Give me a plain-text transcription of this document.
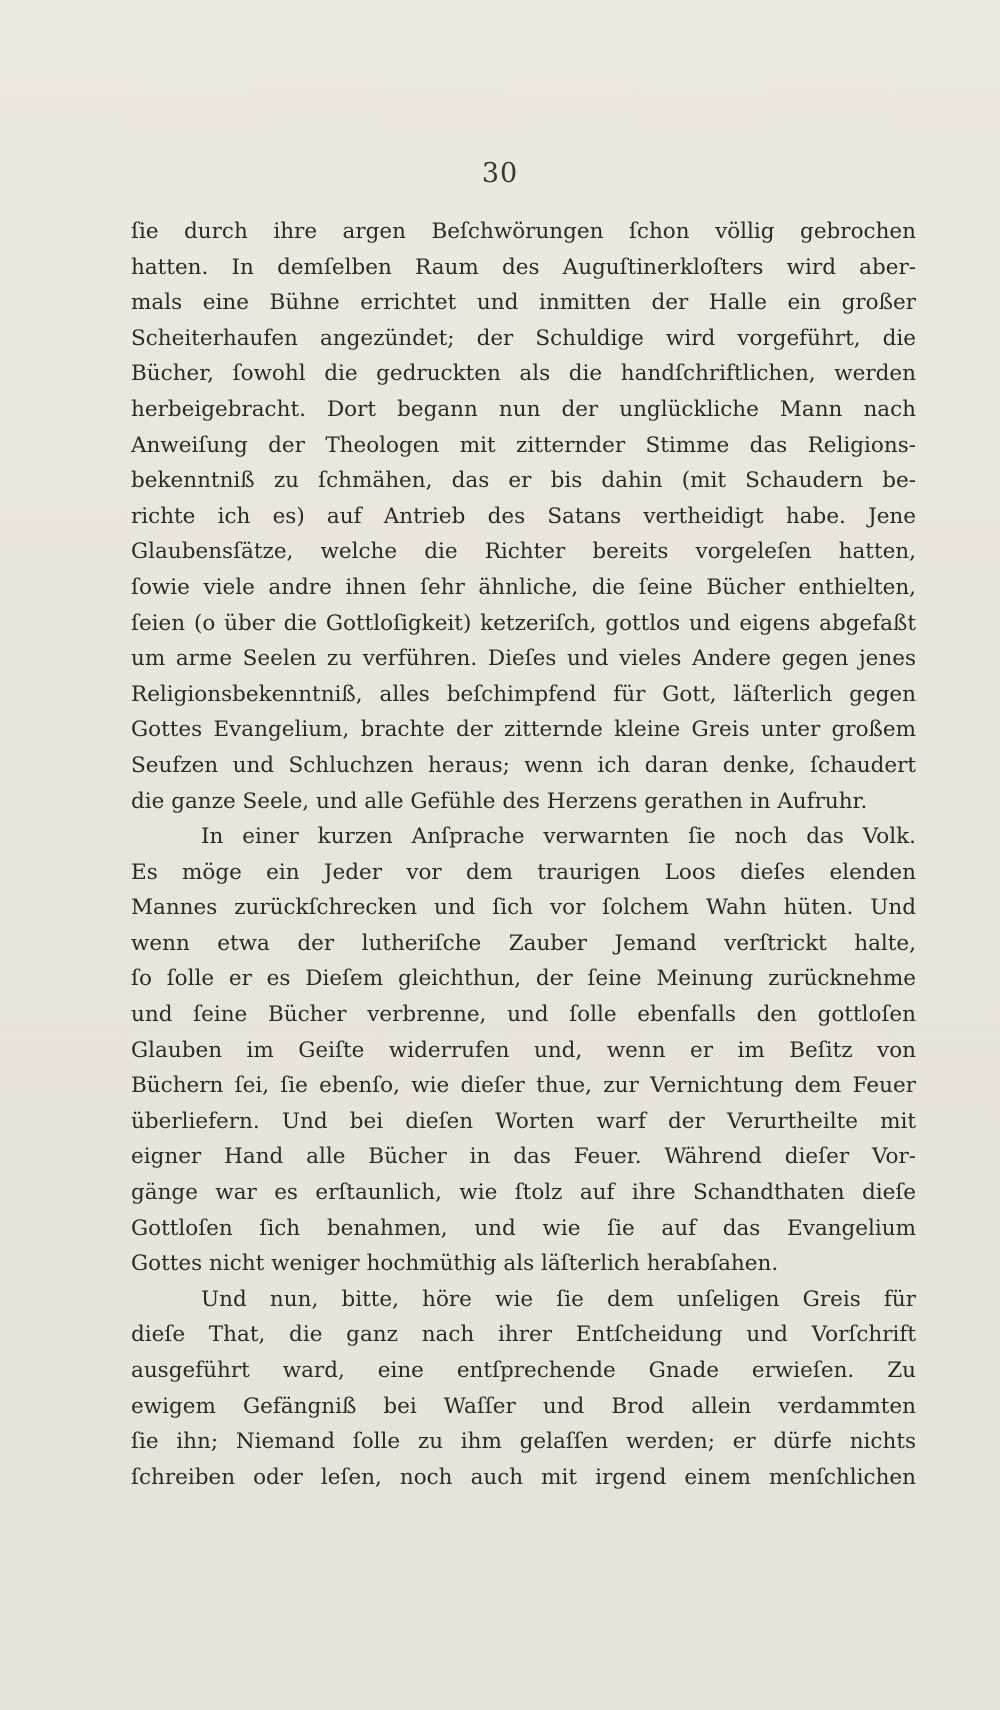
30
ſie durch ihre argen Beſchwörungen ſchon völlig gebrochen
hatten. In demſelben Raum des Auguſtinerkloſters wird aber-
mals eine Bühne errichtet und inmitten der Halle ein großer
Scheiterhaufen angezündet; der Schuldige wird vorgeführt, die
Bücher, ſowohl die gedruckten als die handſchriftlichen, werden
herbeigebracht. Dort begann nun der unglückliche Mann nach
Anweiſung der Theologen mit zitternder Stimme das Religions-
bekenntniß zu ſchmähen, das er bis dahin (mit Schaudern be-
richte ich es) auf Antrieb des Satans vertheidigt habe. Jene
Glaubensſätze, welche die Richter bereits vorgeleſen hatten,
ſowie viele andre ihnen ſehr ähnliche, die ſeine Bücher enthielten,
ſeien (o über die Gottloſigkeit) ketzeriſch, gottlos und eigens abgefaßt
um arme Seelen zu verführen. Dieſes und vieles Andere gegen jenes
Religionsbekenntniß, alles beſchimpfend für Gott, läſterlich gegen
Gottes Evangelium, brachte der zitternde kleine Greis unter großem
Seufzen und Schluchzen heraus; wenn ich daran denke, ſchaudert
die ganze Seele, und alle Gefühle des Herzens gerathen in Aufruhr.
In einer kurzen Anſprache verwarnten ſie noch das Volk.
Es möge ein Jeder vor dem traurigen Loos dieſes elenden
Mannes zurückſchrecken und ſich vor ſolchem Wahn hüten. Und
wenn etwa der lutheriſche Zauber Jemand verſtrickt halte,
ſo ſolle er es Dieſem gleichthun, der ſeine Meinung zurücknehme
und ſeine Bücher verbrenne, und ſolle ebenfalls den gottloſen
Glauben im Geiſte widerrufen und, wenn er im Beſitz von
Büchern ſei, ſie ebenſo, wie dieſer thue, zur Vernichtung dem Feuer
überliefern. Und bei dieſen Worten warf der Verurtheilte mit
eigner Hand alle Bücher in das Feuer. Während dieſer Vor-
gänge war es erſtaunlich, wie ſtolz auf ihre Schandthaten dieſe
Gottloſen ſich benahmen, und wie ſie auf das Evangelium
Gottes nicht weniger hochmüthig als läſterlich herabſahen.
Und nun, bitte, höre wie ſie dem unſeligen Greis für
dieſe That, die ganz nach ihrer Entſcheidung und Vorſchrift
ausgeführt ward, eine entſprechende Gnade erwieſen. Zu
ewigem Gefängniß bei Waſſer und Brod allein verdammten
ſie ihn; Niemand ſolle zu ihm gelaſſen werden; er dürfe nichts
ſchreiben oder leſen, noch auch mit irgend einem menſchlichen
